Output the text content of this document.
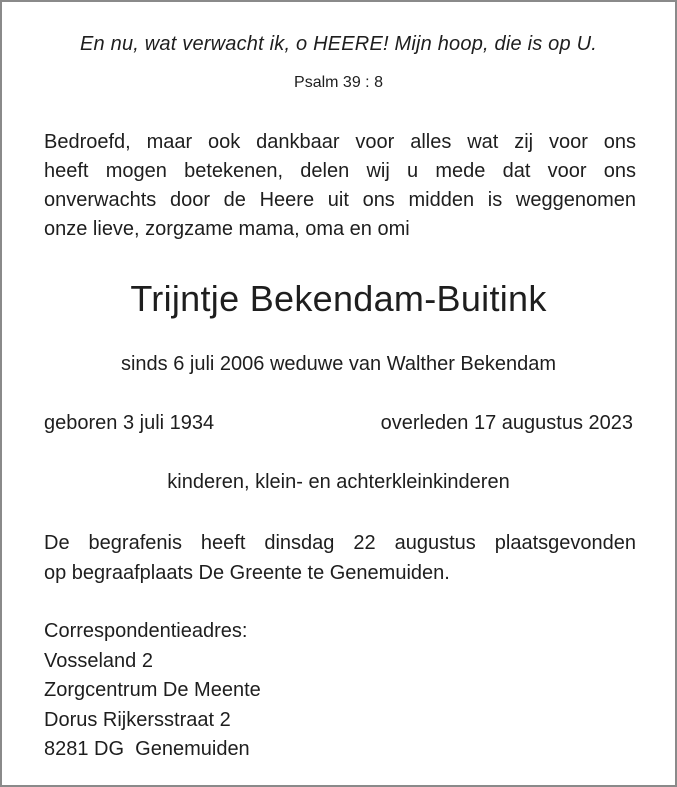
En nu, wat verwacht ik, o HEERE! Mijn hoop, die is op U.
Psalm 39 : 8
Bedroefd, maar ook dankbaar voor alles wat zij voor ons
heeft mogen betekenen, delen wij u mede dat voor ons
onverwachts door de Heere uit ons midden is weggenomen
onze lieve, zorgzame mama, oma en omi
Trijntje Bekendam-Buitink
sinds 6 juli 2006 weduwe van Walther Bekendam
geboren 3 juli 1934	overleden 17 augustus 2023
kinderen, klein- en achterkleinkinderen
De begrafenis heeft dinsdag 22 augustus plaatsgevonden
op begraafplaats De Greente te Genemuiden.
Correspondentieadres:
Vosseland 2
Zorgcentrum De Meente
Dorus Rijkersstraat 2
8281 DG  Genemuiden
